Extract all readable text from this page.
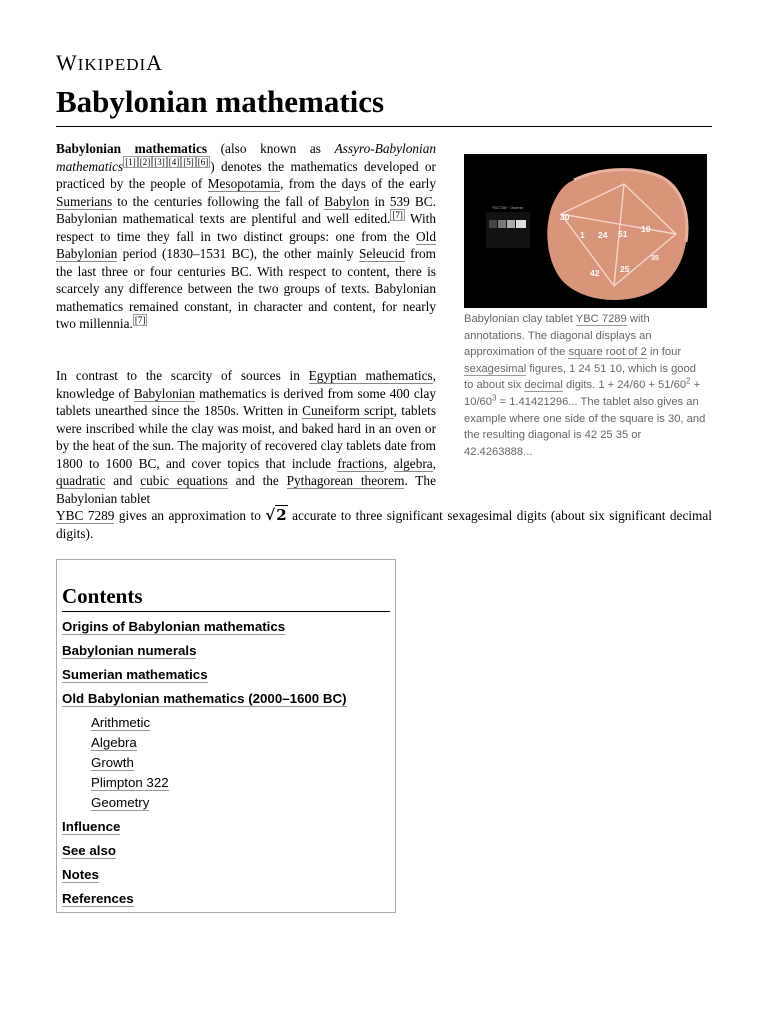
WIKIPEDIA
Babylonian mathematics

Babylonian mathematics (also known as Assyro-Babylonian mathematics [1] [2] [3] [4] [5] [6] ) denotes the mathematics developed or practiced by the people of Mesopotamia, from the days of the early Sumerians to the centuries following the fall of Babylon in 539 BC. Babylonian mathematical texts are plentiful and well edited. [7] With respect to time they fall in two distinct groups: one from the Old Babylonian period (1830–1531 BC), the other mainly Seleucid from the last three or four centuries BC. With respect to content, there is scarcely any difference between the two groups of texts. Babylonian mathematics remained constant, in character and content, for nearly two millennia. [7]

YBC7289 · Obverse
30
1 24 51 10
42 25
35
Babylonian clay tablet YBC 7289 with annotations. The diagonal displays an approximation of the square root of 2 in four sexagesimal figures, 1 24 51 10, which is good to about six decimal digits. $1 + 24/60 + 51/60^2 + 10/60^3 = 1.41421296$... The tablet also gives an example where one side of the square is 30, and the resulting diagonal is 42 25 35 or 42.4263888...

In contrast to the scarcity of sources in Egyptian mathematics, knowledge of Babylonian mathematics is derived from some 400 clay tablets unearthed since the 1850s. Written in Cuneiform script, tablets were inscribed while the clay was moist, and baked hard in an oven or by the heat of the sun. The majority of recovered clay tablets date from 1800 to 1600 BC, and cover topics that include fractions, algebra, quadratic and cubic equations and the Pythagorean theorem. The Babylonian tablet
YBC 7289 gives an approximation to √2 accurate to three significant sexagesimal digits (about six significant decimal digits).

Contents
Origins of Babylonian mathematics
Babylonian numerals
Sumerian mathematics
Old Babylonian mathematics (2000–1600 BC)
Arithmetic
Algebra
Growth
Plimpton 322
Geometry
Influence
See also
Notes
References
